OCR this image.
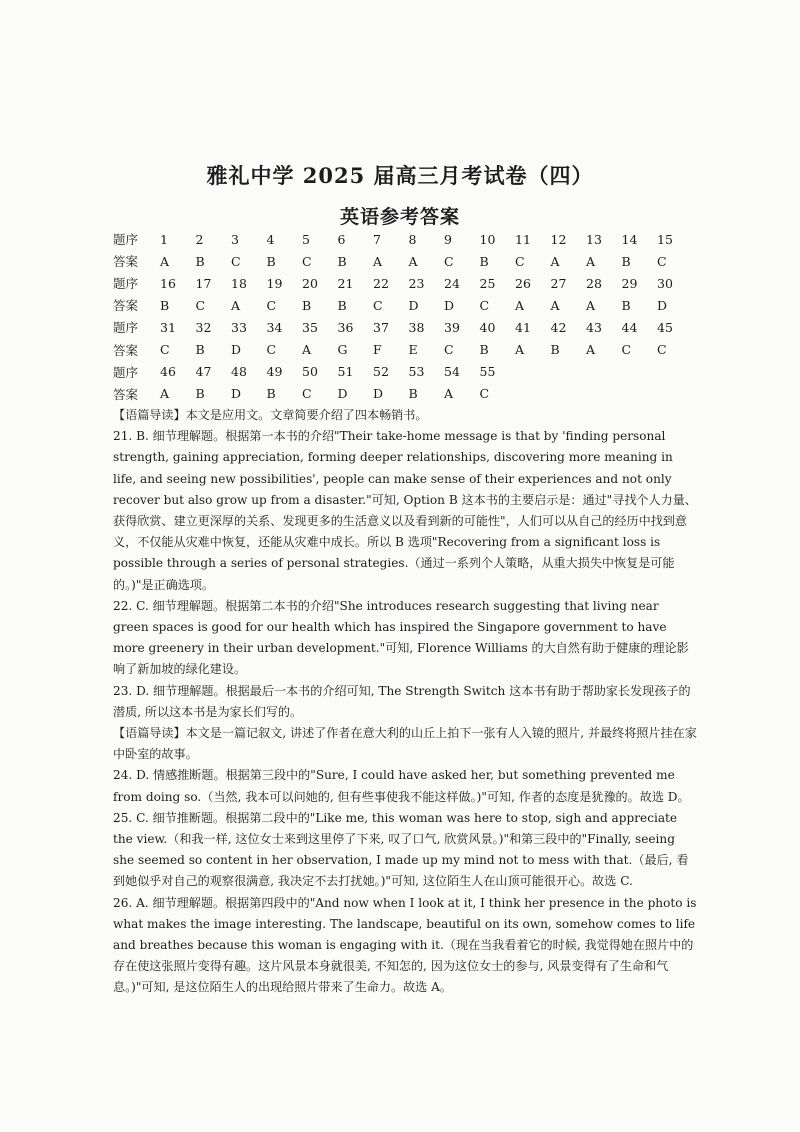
雅礼中学 2025 届高三月考试卷（四）
英语参考答案
题序	1	2	3	4	5	6	7	8	9	10	11	12	13	14	15
答案	A	B	C	B	C	B	A	A	C	B	C	A	A	B	C
题序	16	17	18	19	20	21	22	23	24	25	26	27	28	29	30
答案	B	C	A	C	B	B	C	D	D	C	A	A	A	B	D
题序	31	32	33	34	35	36	37	38	39	40	41	42	43	44	45
答案	C	B	D	C	A	G	F	E	C	B	A	B	A	C	C
题序	46	47	48	49	50	51	52	53	54	55					
答案	A	B	D	B	C	D	D	B	A	C					

【语篇导读】本文是应用文。文章简要介绍了四本畅销书。

21. B. 细节理解题。根据第一本书的介绍"Their take-home message is that by 'finding personal strength, gaining appreciation, forming deeper relationships, discovering more meaning in life, and seeing new possibilities', people can make sense of their experiences and not only recover but also grow up from a disaster."可知, Option B 这本书的主要启示是：通过"寻找个人力量、获得欣赏、建立更深厚的关系、发现更多的生活意义以及看到新的可能性"，人们可以从自己的经历中找到意义，不仅能从灾难中恢复，还能从灾难中成长。所以 B 选项"Recovering from a significant loss is possible through a series of personal strategies.（通过一系列个人策略，从重大损失中恢复是可能的。)"是正确选项。

22. C. 细节理解题。根据第二本书的介绍"She introduces research suggesting that living near green spaces is good for our health which has inspired the Singapore government to have more greenery in their urban development."可知, Florence Williams 的大自然有助于健康的理论影响了新加坡的绿化建设。

23. D. 细节理解题。根据最后一本书的介绍可知, The Strength Switch 这本书有助于帮助家长发现孩子的潜质, 所以这本书是为家长们写的。

【语篇导读】本文是一篇记叙文, 讲述了作者在意大利的山丘上拍下一张有人入镜的照片, 并最终将照片挂在家中卧室的故事。

24. D. 情感推断题。根据第三段中的"Sure, I could have asked her, but something prevented me from doing so.（当然, 我本可以问她的, 但有些事使我不能这样做。)"可知, 作者的态度是犹豫的。故选 D。

25. C. 细节推断题。根据第二段中的"Like me, this woman was here to stop, sigh and appreciate the view.（和我一样, 这位女士来到这里停了下来, 叹了口气, 欣赏风景。)"和第三段中的"Finally, seeing she seemed so content in her observation, I made up my mind not to mess with that.（最后, 看到她似乎对自己的观察很满意, 我决定不去打扰她。)"可知, 这位陌生人在山顶可能很开心。故选 C.

26. A. 细节理解题。根据第四段中的"And now when I look at it, I think her presence in the photo is what makes the image interesting. The landscape, beautiful on its own, somehow comes to life and breathes because this woman is engaging with it.（现在当我看着它的时候, 我觉得她在照片中的存在使这张照片变得有趣。这片风景本身就很美, 不知怎的, 因为这位女士的参与, 风景变得有了生命和气息。)"可知, 是这位陌生人的出现给照片带来了生命力。故选 A。
